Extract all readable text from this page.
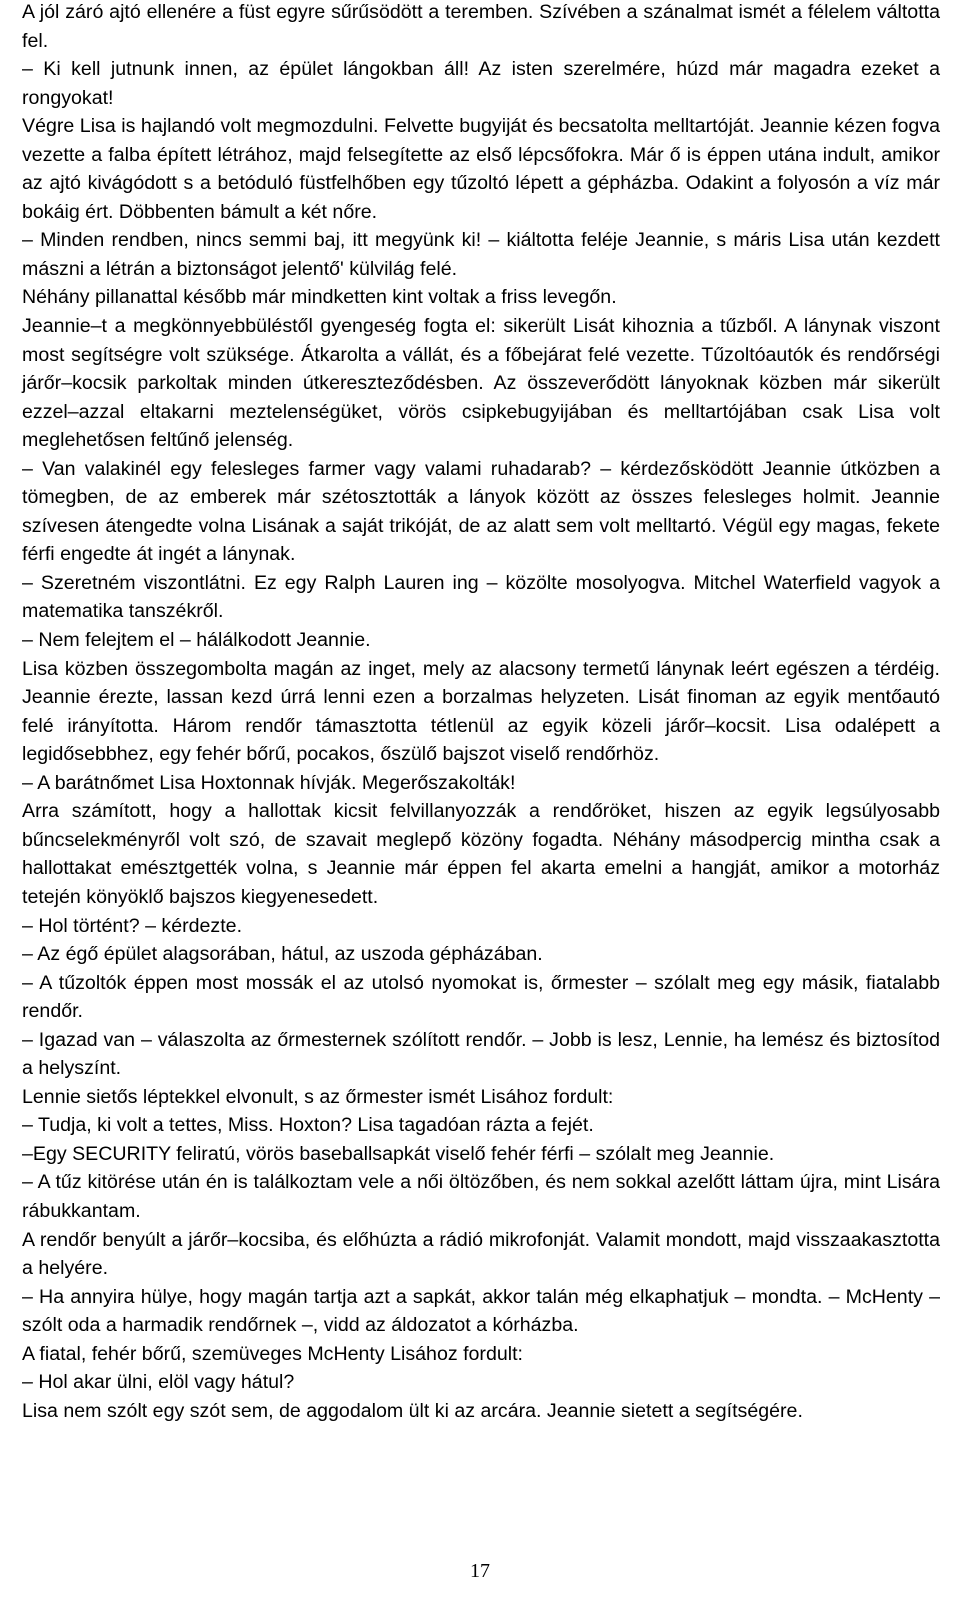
A jól záró ajtó ellenére a füst egyre sűrűsödött a teremben. Szívében a szánalmat ismét a félelem váltotta fel.

– Ki kell jutnunk innen, az épület lángokban áll! Az isten szerelmére, húzd már magadra ezeket a rongyokat!

Végre Lisa is hajlandó volt megmozdulni. Felvette bugyiját és becsatolta melltartóját. Jeannie kézen fogva vezette a falba épített létrához, majd felsegítette az első lépcsőfokra. Már ő is éppen utána indult, amikor az ajtó kivágódott s a betóduló füstfelhőben egy tűzoltó lépett a gépházba. Odakint a folyosón a víz már bokáig ért. Döbbenten bámult a két nőre.

– Minden rendben, nincs semmi baj, itt megyünk ki! – kiáltotta feléje Jeannie, s máris Lisa után kezdett mászni a létrán a biztonságot jelentő' külvilág felé.

Néhány pillanattal később már mindketten kint voltak a friss levegőn.

Jeannie–t a megkönnyebbüléstől gyengeség fogta el: sikerült Lisát kihoznia a tűzből. A lánynak viszont most segítségre volt szüksége. Átkarolta a vállát, és a főbejárat felé vezette. Tűzoltóautók és rendőrségi járőr–kocsik parkoltak minden útkereszteződésben. Az összeverődött lányoknak közben már sikerült ezzel–azzal eltakarni meztelenségüket, vörös csipkebugyijában és melltartójában csak Lisa volt meglehetősen feltűnő jelenség.

– Van valakinél egy felesleges farmer vagy valami ruhadarab? – kérdezősködött Jeannie útközben a tömegben, de az emberek már szétosztották a lányok között az összes felesleges holmit. Jeannie szívesen átengedte volna Lisának a saját trikóját, de az alatt sem volt melltartó. Végül egy magas, fekete férfi engedte át ingét a lánynak.

– Szeretném viszontlátni. Ez egy Ralph Lauren ing – közölte mosolyogva. Mitchel Waterfield vagyok a matematika tanszékről.

– Nem felejtem el – hálálkodott Jeannie.

Lisa közben összegombolta magán az inget, mely az alacsony termetű lánynak leért egészen a térdéig. Jeannie érezte, lassan kezd úrrá lenni ezen a borzalmas helyzeten. Lisát finoman az egyik mentőautó felé irányította. Három rendőr támasztotta tétlenül az egyik közeli járőr–kocsit. Lisa odalépett a legidősebbhez, egy fehér bőrű, pocakos, őszülő bajszot viselő rendőrhöz.

– A barátnőmet Lisa Hoxtonnak hívják. Megerőszakolták!

Arra számított, hogy a hallottak kicsit felvillanyozzák a rendőröket, hiszen az egyik legsúlyosabb bűncselekményről volt szó, de szavait meglepő közöny fogadta. Néhány másodpercig mintha csak a hallottakat emésztgették volna, s Jeannie már éppen fel akarta emelni a hangját, amikor a motorház tetején könyöklő bajszos kiegyenesedett.

– Hol történt? – kérdezte.

– Az égő épület alagsorában, hátul, az uszoda gépházában.

– A tűzoltók éppen most mossák el az utolsó nyomokat is, őrmester – szólalt meg egy másik, fiatalabb rendőr.

– Igazad van – válaszolta az őrmesternek szólított rendőr. – Jobb is lesz, Lennie, ha lemész és biztosítod a helyszínt.

Lennie sietős léptekkel elvonult, s az őrmester ismét Lisához fordult:

– Tudja, ki volt a tettes, Miss. Hoxton? Lisa tagadóan rázta a fejét.

–Egy SECURITY feliratú, vörös baseballsapkát viselő fehér férfi – szólalt meg Jeannie.

– A tűz kitörése után én is találkoztam vele a női öltözőben, és nem sokkal azelőtt láttam újra, mint Lisára rábukkantam.

A rendőr benyúlt a járőr–kocsiba, és előhúzta a rádió mikrofonját. Valamit mondott, majd visszaakasztotta a helyére.

– Ha annyira hülye, hogy magán tartja azt a sapkát, akkor talán még elkaphatjuk – mondta. – McHenty – szólt oda a harmadik rendőrnek –, vidd az áldozatot a kórházba.

A fiatal, fehér bőrű, szemüveges McHenty Lisához fordult:

– Hol akar ülni, elöl vagy hátul?

Lisa nem szólt egy szót sem, de aggodalom ült ki az arcára. Jeannie sietett a segítségére.

17
